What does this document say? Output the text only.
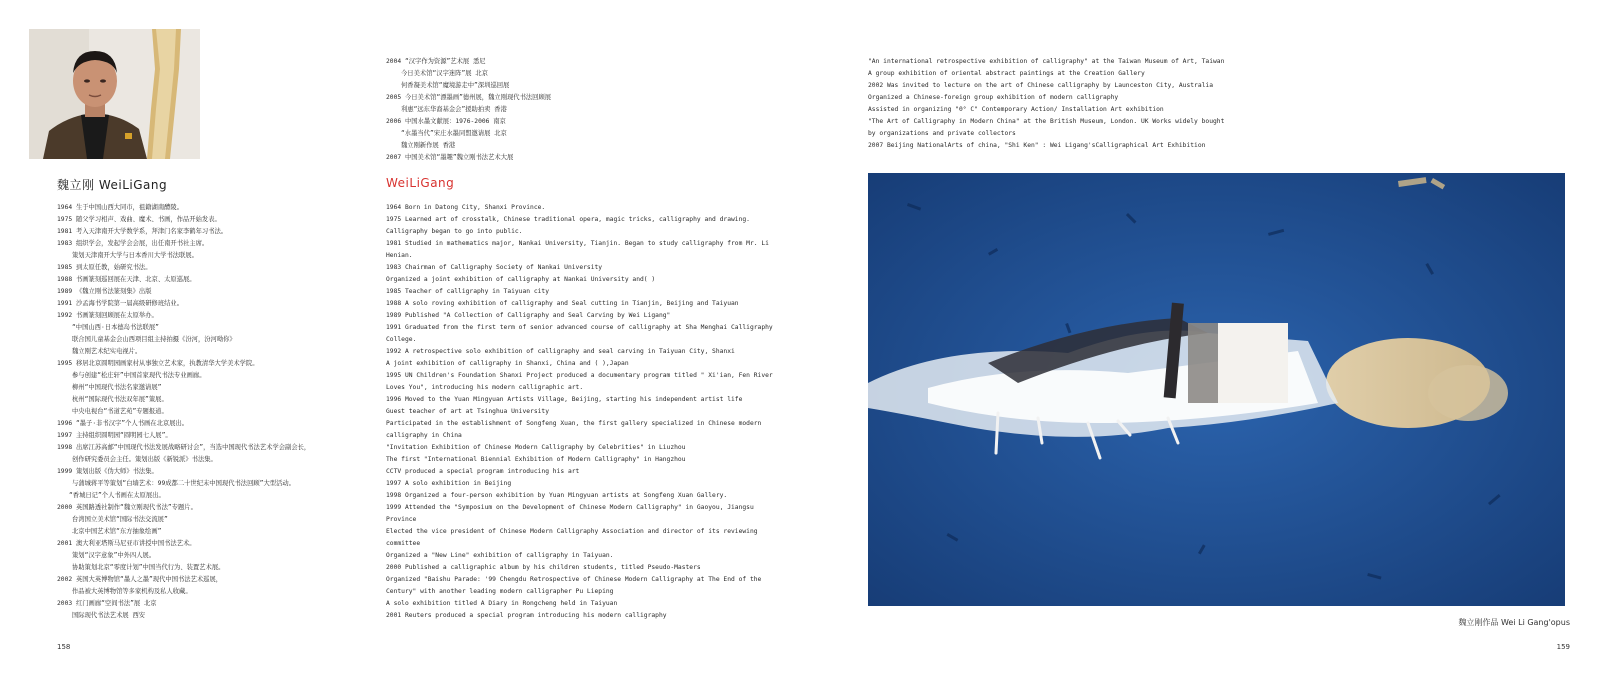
魏立刚 WeiLiGang
1964 生于中国山西大同市，祖籍湖南醴陵。
1975 随父学习相声、戏曲、魔术、书画，作品开始发表。
1981 考入天津南开大学数学系，拜津门名家李鹤年习书法。
1983 组织学会，发起学会会展，出任南开书社主席。
策划天津南开大学与日本香川大学书法联展。
1985 到太原任教，始研究书法。
1988 书画篆刻巡回展在天津、北京、太原巡展。
1989 《魏立刚书法篆刻集》出版
1991 沙孟海书学院第一届高级研修班结业。
1992 书画篆刻回顾展在太原举办。
“中国山西·日本德岛书法联展”
联合国儿童基金会山西项目组主持拍摄《汾河，汾河呦你》
魏立刚艺术纪实电视片。
1995 移居北京圆明园画家村从事独立艺术家，执教清华大学美术学院。
参与创建“松庄轩”中国首家现代书法专业画廊。
柳州“中国现代书法名家邀请展”
杭州“国际现代书法双年展”策展。
中央电视台“书道艺苑”专题报道。
1996 “墨子·非书汉字”个人书画在北京展出。
1997 主持组织圆明园“圆明园七人展”。
1998 出席江苏高邮“中国现代书法发展战略研讨会”，当选中国现代书法艺术学会副会长，
创作研究委员会主任。策划出版《新锐派》书法集。
1999 策划出版《伪大师》书法集。
与蒲城蒋平等策划“白墙艺术：99成都二十世纪末中国现代书法回顾”大型活动。
“香城日记”个人书画在太原展出。
2000 英国路透社制作“魏立刚现代书法”专题片。
台湾国立美术馆“国际书法交流展”
北京中国艺术馆“东方抽象绘画”
2001 澳大利亚塔斯马尼亚市讲授中国书法艺术。
策划“汉字意象”中外四人展。
协助策划北京“零度计划”中国当代行为、装置艺术展。
2002 英国大英博物馆“墨人之墨”现代中国书法艺术巡展，
作品被大英博物馆等多家机构及私人收藏。
2003 红门画廊“空间书法”展 北京
国际现代书法艺术展 西安
2004 “汉字作为资源”艺术展 悉尼
今日美术馆“汉字迷阵”展 北京
何香凝美术馆“魔境游走中”深圳巡回展
2005 今日美术馆“漂墨画”德州展，魏立刚现代书法回顾展
利惠“远东华裔基金会”援助拍卖 香港
2006 中国水墨文献展：1976-2006 南京
“水墨当代”宋庄水墨同盟邀请展 北京
魏立刚新作展 香港
2007 中国美术馆“墨趣”魏立刚书法艺术大展
WeiLiGang
1964 Born in Datong City, Shanxi Province.
1975 Learned art of crosstalk, Chinese traditional opera, magic tricks, calligraphy and drawing.
Calligraphy began to go into public.
1981 Studied in mathematics major, Nankai University, Tianjin. Began to study calligraphy from Mr. Li
Henian.
1983 Chairman of Calligraphy Society of Nankai University
Organized a joint exhibition of calligraphy at Nankai University and( )
1985 Teacher of calligraphy in Taiyuan city
1988 A solo roving exhibition of calligraphy and Seal cutting in Tianjin, Beijing and Taiyuan
1989 Published "A Collection of Calligraphy and Seal Carving by Wei Ligang"
1991 Graduated from the first term of senior advanced course of calligraphy at Sha Menghai Calligraphy
College.
1992 A retrospective solo exhibition of calligraphy and seal carving in Taiyuan City, Shanxi
A joint exhibition of calligraphy in Shanxi, China and ( ),Japan
1995 UN Children's Foundation Shanxi Project produced a documentary program titled " Xi'ian, Fen River
Loves You", introducing his modern calligraphic art.
1996 Moved to the Yuan Mingyuan Artists Village, Beijing, starting his independent artist life
Guest teacher of art at Tsinghua University
Participated in the establishment of Songfeng Xuan, the first gallery specialized in Chinese modern
calligraphy in China
"Invitation Exhibition of Chinese Modern Calligraphy by Celebrities" in Liuzhou
The first "International Biennial Exhibition of Modern Calligraphy" in Hangzhou
CCTV produced a special program introducing his art
1997 A solo exhibition in Beijing
1998 Organized a four-person exhibition by Yuan Mingyuan artists at Songfeng Xuan Gallery.
1999 Attended the "Symposium on the Development of Chinese Modern Calligraphy" in Gaoyou, Jiangsu
Province
Elected the vice president of Chinese Modern Calligraphy Association and director of its reviewing
committee
Organized a "New Line" exhibition of calligraphy in Taiyuan.
2000 Published a calligraphic album by his children students, titled Pseudo-Masters
Organized "Baishu Parade: '99 Chengdu Retrospective of Chinese Modern Calligraphy at The End of the
Century" with another leading modern calligrapher Pu Lieping
A solo exhibition titled A Diary in Rongcheng held in Taiyuan
2001 Reuters produced a special program introducing his modern calligraphy
158
"An international retrospective exhibition of calligraphy" at the Taiwan Museum of Art, Taiwan
A group exhibition of oriental abstract paintings at the Creation Gallery
2002 Was invited to lecture on the art of Chinese calligraphy by Launceston City, Australia
Organized a Chinese-foreign group exhibition of modern calligraphy
Assisted in organizing "0° C" Contemporary Action/ Installation Art exhibition
"The Art of Calligraphy in Modern China" at the British Museum, London. UK Works widely bought
by organizations and private collectors
2007 Beijing NationalArts of china, "Shi Ken" : Wei Ligang'sCalligraphical Art Exhibition
魏立刚作品 Wei Li Gang'opus
159
